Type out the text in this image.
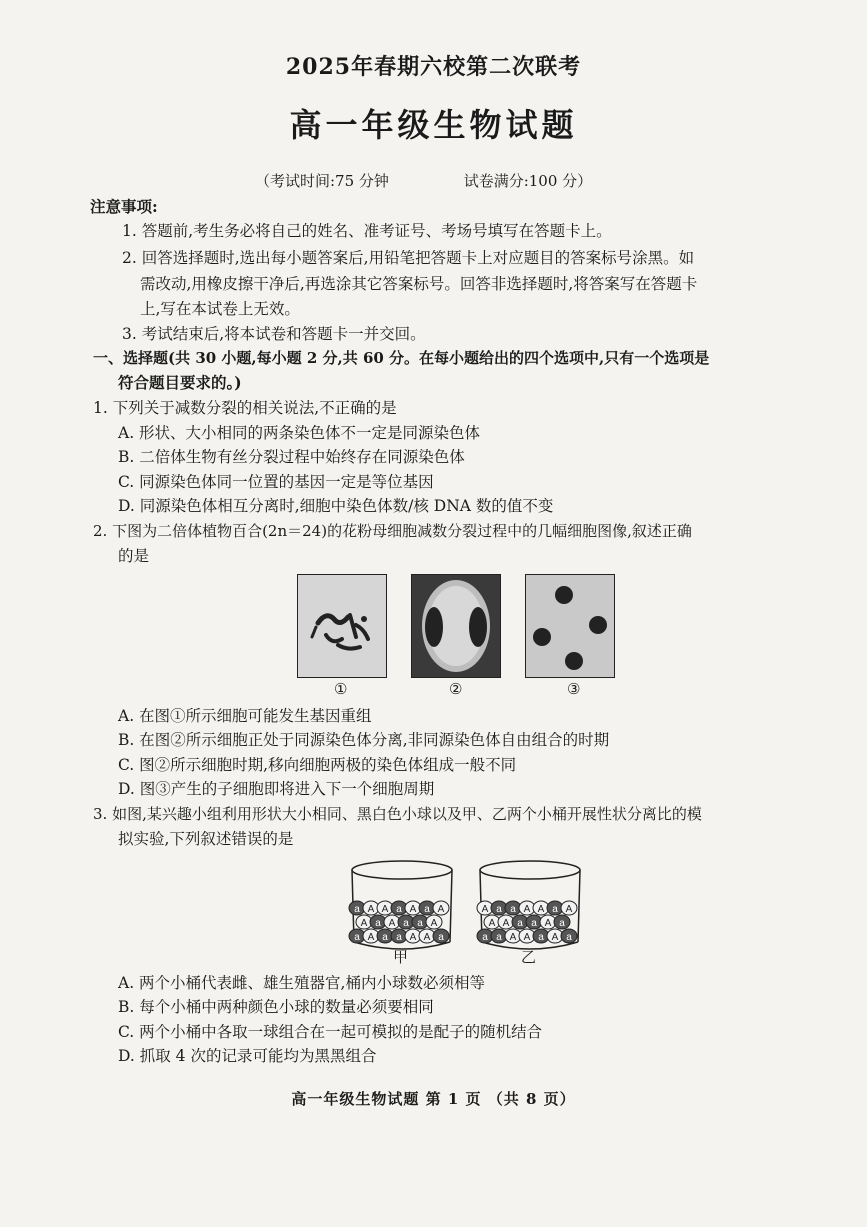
2025年春期六校第二次联考
高一年级生物试题
（考试时间:75 分钟	试卷满分:100 分）
注意事项:
1. 答题前,考生务必将自己的姓名、准考证号、考场号填写在答题卡上。
2. 回答选择题时,选出每小题答案后,用铅笔把答题卡上对应题目的答案标号涂黑。如
需改动,用橡皮擦干净后,再选涂其它答案标号。回答非选择题时,将答案写在答题卡
上,写在本试卷上无效。
3. 考试结束后,将本试卷和答题卡一并交回。
一、选择题(共 30 小题,每小题 2 分,共 60 分。在每小题给出的四个选项中,只有一个选项是
符合题目要求的。)
1. 下列关于减数分裂的相关说法,不正确的是
A. 形状、大小相同的两条染色体不一定是同源染色体
B. 二倍体生物有丝分裂过程中始终存在同源染色体
C. 同源染色体同一位置的基因一定是等位基因
D. 同源染色体相互分离时,细胞中染色体数/核 DNA 数的值不变
2. 下图为二倍体植物百合(2n＝24)的花粉母细胞减数分裂过程中的几幅细胞图像,叙述正确
的是
①	②	③
A. 在图①所示细胞可能发生基因重组
B. 在图②所示细胞正处于同源染色体分离,非同源染色体自由组合的时期
C. 图②所示细胞时期,移向细胞两极的染色体组成一般不同
D. 图③产生的子细胞即将进入下一个细胞周期
3. 如图,某兴趣小组利用形状大小相同、黑白色小球以及甲、乙两个小桶开展性状分离比的模
拟实验,下列叙述错误的是
a A a a A A a
A a A a a A
a A A a A a A
a a A A a A a
A A a a A a
A a a A A a A
甲	乙
A. 两个小桶代表雌、雄生殖器官,桶内小球数必须相等
B. 每个小桶中两种颜色小球的数量必须要相同
C. 两个小桶中各取一球组合在一起可模拟的是配子的随机结合
D. 抓取 4 次的记录可能均为黑黑组合
高一年级生物试题 第 1 页 （共 8 页）
